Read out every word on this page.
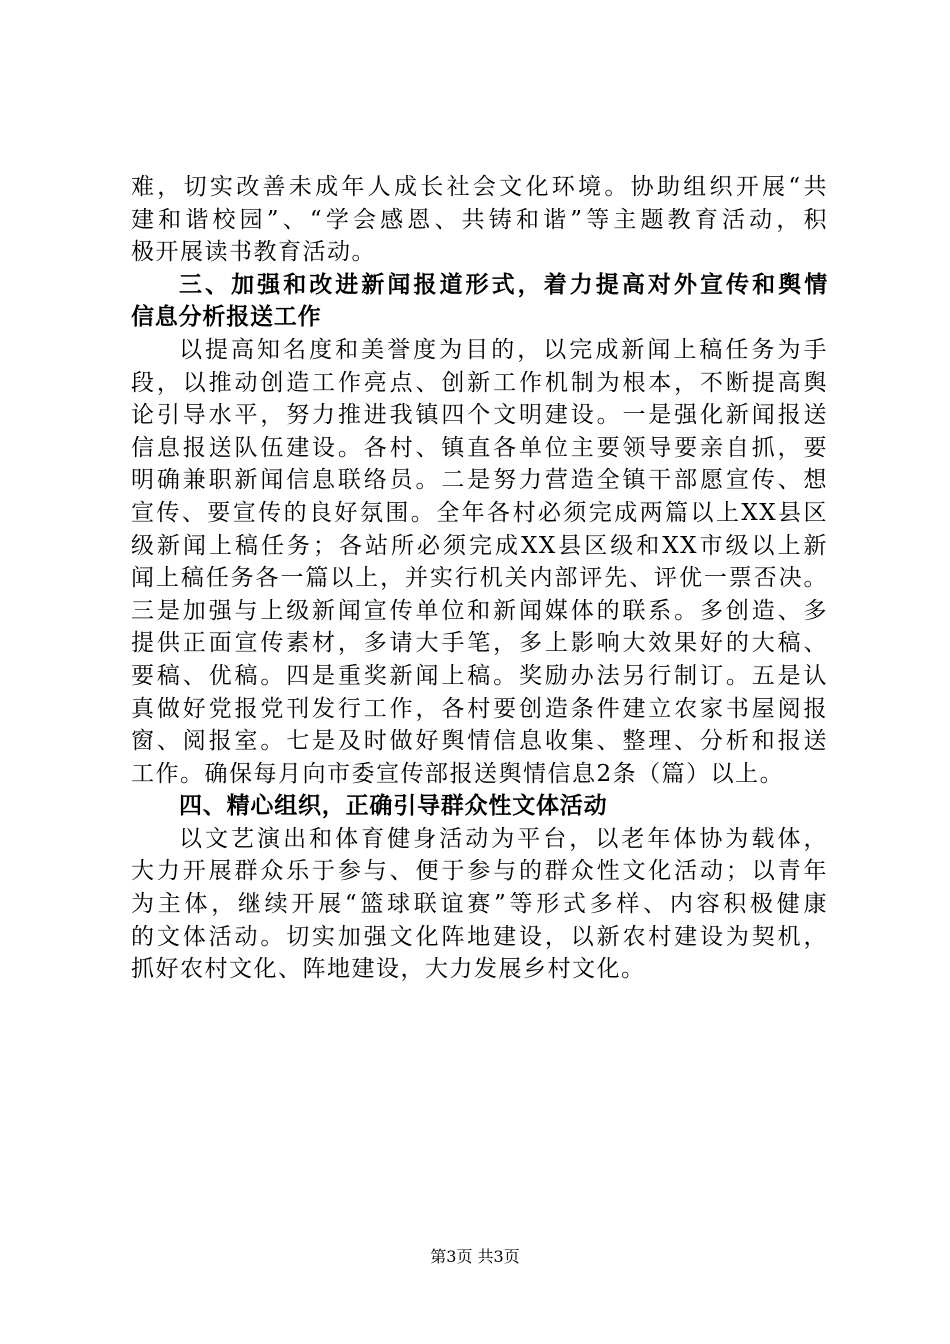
难，切实改善未成年人成长社会文化环境。协助组织开展“共
建和谐校园”、“学会感恩、共铸和谐”等主题教育活动，积
极开展读书教育活动。
三、加强和改进新闻报道形式，着力提高对外宣传和舆情
信息分析报送工作
以提高知名度和美誉度为目的，以完成新闻上稿任务为手
段，以推动创造工作亮点、创新工作机制为根本，不断提高舆
论引导水平，努力推进我镇四个文明建设。一是强化新闻报送
信息报送队伍建设。各村、镇直各单位主要领导要亲自抓，要
明确兼职新闻信息联络员。二是努力营造全镇干部愿宣传、想
宣传、要宣传的良好氛围。全年各村必须完成两篇以上XX县区
级新闻上稿任务；各站所必须完成XX县区级和XX市级以上新
闻上稿任务各一篇以上，并实行机关内部评先、评优一票否决。
三是加强与上级新闻宣传单位和新闻媒体的联系。多创造、多
提供正面宣传素材，多请大手笔，多上影响大效果好的大稿、
要稿、优稿。四是重奖新闻上稿。奖励办法另行制订。五是认
真做好党报党刊发行工作，各村要创造条件建立农家书屋阅报
窗、阅报室。七是及时做好舆情信息收集、整理、分析和报送
工作。确保每月向市委宣传部报送舆情信息2条（篇）以上。
四、精心组织，正确引导群众性文体活动
以文艺演出和体育健身活动为平台，以老年体协为载体，
大力开展群众乐于参与、便于参与的群众性文化活动；以青年
为主体，继续开展“篮球联谊赛”等形式多样、内容积极健康
的文体活动。切实加强文化阵地建设，以新农村建设为契机，
抓好农村文化、阵地建设，大力发展乡村文化。
第3页 共3页
